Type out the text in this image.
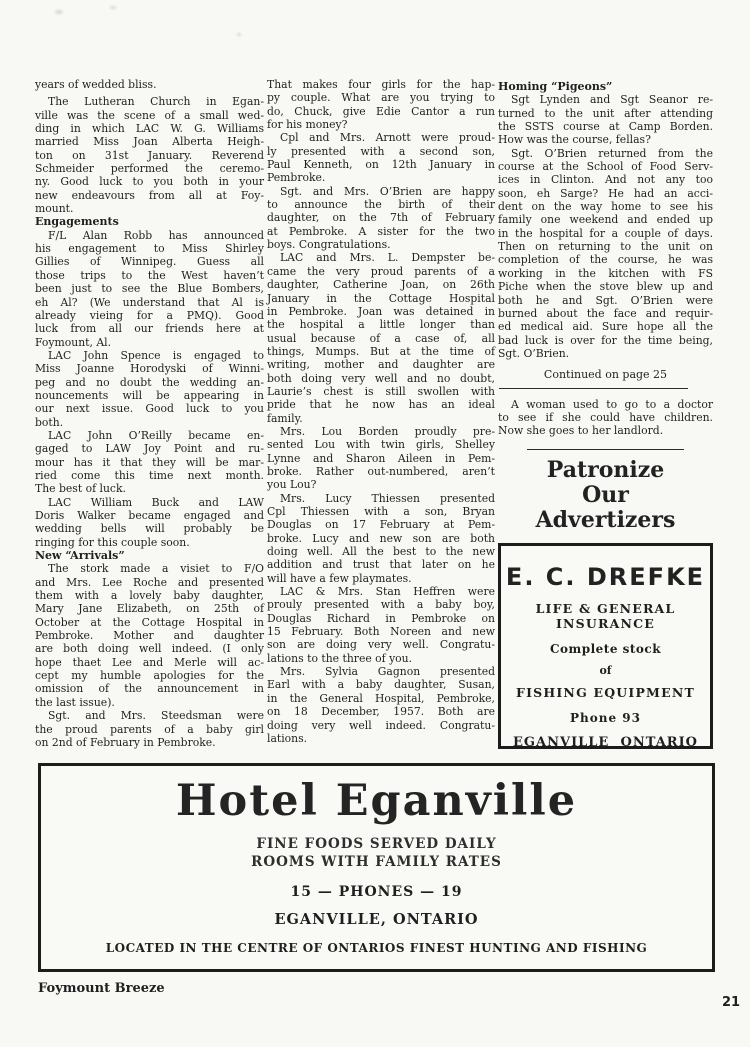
years of wedded bliss.
The Lutheran Church in Egan-
ville was the scene of a small wed-
ding in which LAC W. G. Williams
married Miss Joan Alberta Heigh-
ton on 31st January. Reverend
Schmeider performed the ceremo-
ny. Good luck to you both in your
new endeavours from all at Foy-
mount.
Engagements
F/L Alan Robb has announced
his engagement to Miss Shirley
Gillies of Winnipeg. Guess all
those trips to the West haven’t
been just to see the Blue Bombers,
eh Al? (We understand that Al is
already vieing for a PMQ). Good
luck from all our friends here at
Foymount, Al.
LAC John Spence is engaged to
Miss Joanne Horodyski of Winni-
peg and no doubt the wedding an-
nouncements will be appearing in
our next issue. Good luck to you
both.
LAC John O’Reilly became en-
gaged to LAW Joy Point and ru-
mour has it that they will be mar-
ried come this time next month.
The best of luck.
LAC William Buck and LAW
Doris Walker became engaged and
wedding bells will probably be
ringing for this couple soon.
New “Arrivals”
The stork made a visiet to F/O
and Mrs. Lee Roche and presented
them with a lovely baby daughter,
Mary Jane Elizabeth, on 25th of
October at the Cottage Hospital in
Pembroke. Mother and daughter
are both doing well indeed. (I only
hope thaet Lee and Merle will ac-
cept my humble apologies for the
omission of the announcement in
the last issue).
Sgt. and Mrs. Steedsman were
the proud parents of a baby girl
on 2nd of February in Pembroke.
That makes four girls for the hap-
py couple. What are you trying to
do, Chuck, give Edie Cantor a run
for his money?
Cpl and Mrs. Arnott were proud-
ly presented with a second son,
Paul Kenneth, on 12th January in
Pembroke.
Sgt. and Mrs. O’Brien are happy
to announce the birth of their
daughter, on the 7th of February
at Pembroke. A sister for the two
boys. Congratulations.
LAC and Mrs. L. Dempster be-
came the very proud parents of a
daughter, Catherine Joan, on 26th
January in the Cottage Hospital
in Pembroke. Joan was detained in
the hospital a little longer than
usual because of a case of, all
things, Mumps. But at the time of
writing, mother and daughter are
both doing very well and no doubt,
Laurie’s chest is still swollen with
pride that he now has an ideal
family.
Mrs. Lou Borden proudly pre-
sented Lou with twin girls, Shelley
Lynne and Sharon Aileen in Pem-
broke. Rather out-numbered, aren’t
you Lou?
Mrs. Lucy Thiessen presented
Cpl Thiessen with a son, Bryan
Douglas on 17 February at Pem-
broke. Lucy and new son are both
doing well. All the best to the new
addition and trust that later on he
will have a few playmates.
LAC & Mrs. Stan Heffren were
prouly presented with a baby boy,
Douglas Richard in Pembroke on
15 February. Both Noreen and new
son are doing very well. Congratu-
lations to the three of you.
Mrs. Sylvia Gagnon presented
Earl with a baby daughter, Susan,
in the General Hospital, Pembroke,
on 18 December, 1957. Both are
doing very well indeed. Congratu-
lations.
Homing “Pigeons”
Sgt Lynden and Sgt Seanor re-
turned to the unit after attending
the SSTS course at Camp Borden.
How was the course, fellas?
Sgt. O’Brien returned from the
course at the School of Food Serv-
ices in Clinton. And not any too
soon, eh Sarge? He had an acci-
dent on the way home to see his
family one weekend and ended up
in the hospital for a couple of days.
Then on returning to the unit on
completion of the course, he was
working in the kitchen with FS
Piche when the stove blew up and
both he and Sgt. O’Brien were
burned about the face and requir-
ed medical aid. Sure hope all the
bad luck is over for the time being,
Sgt. O’Brien.
Continued on page 25
A woman used to go to a doctor
to see if she could have children.
Now she goes to her landlord.
Patronize
Our
Advertizers
E. C. DREFKE
LIFE & GENERAL INSURANCE
Complete stock
of
FISHING EQUIPMENT
Phone 93
EGANVILLE ONTARIO
Hotel Eganville
FINE FOODS SERVED DAILY
ROOMS WITH FAMILY RATES
15 — PHONES — 19
EGANVILLE, ONTARIO
LOCATED IN THE CENTRE OF ONTARIOS FINEST HUNTING AND FISHING
Foymount Breeze
21
